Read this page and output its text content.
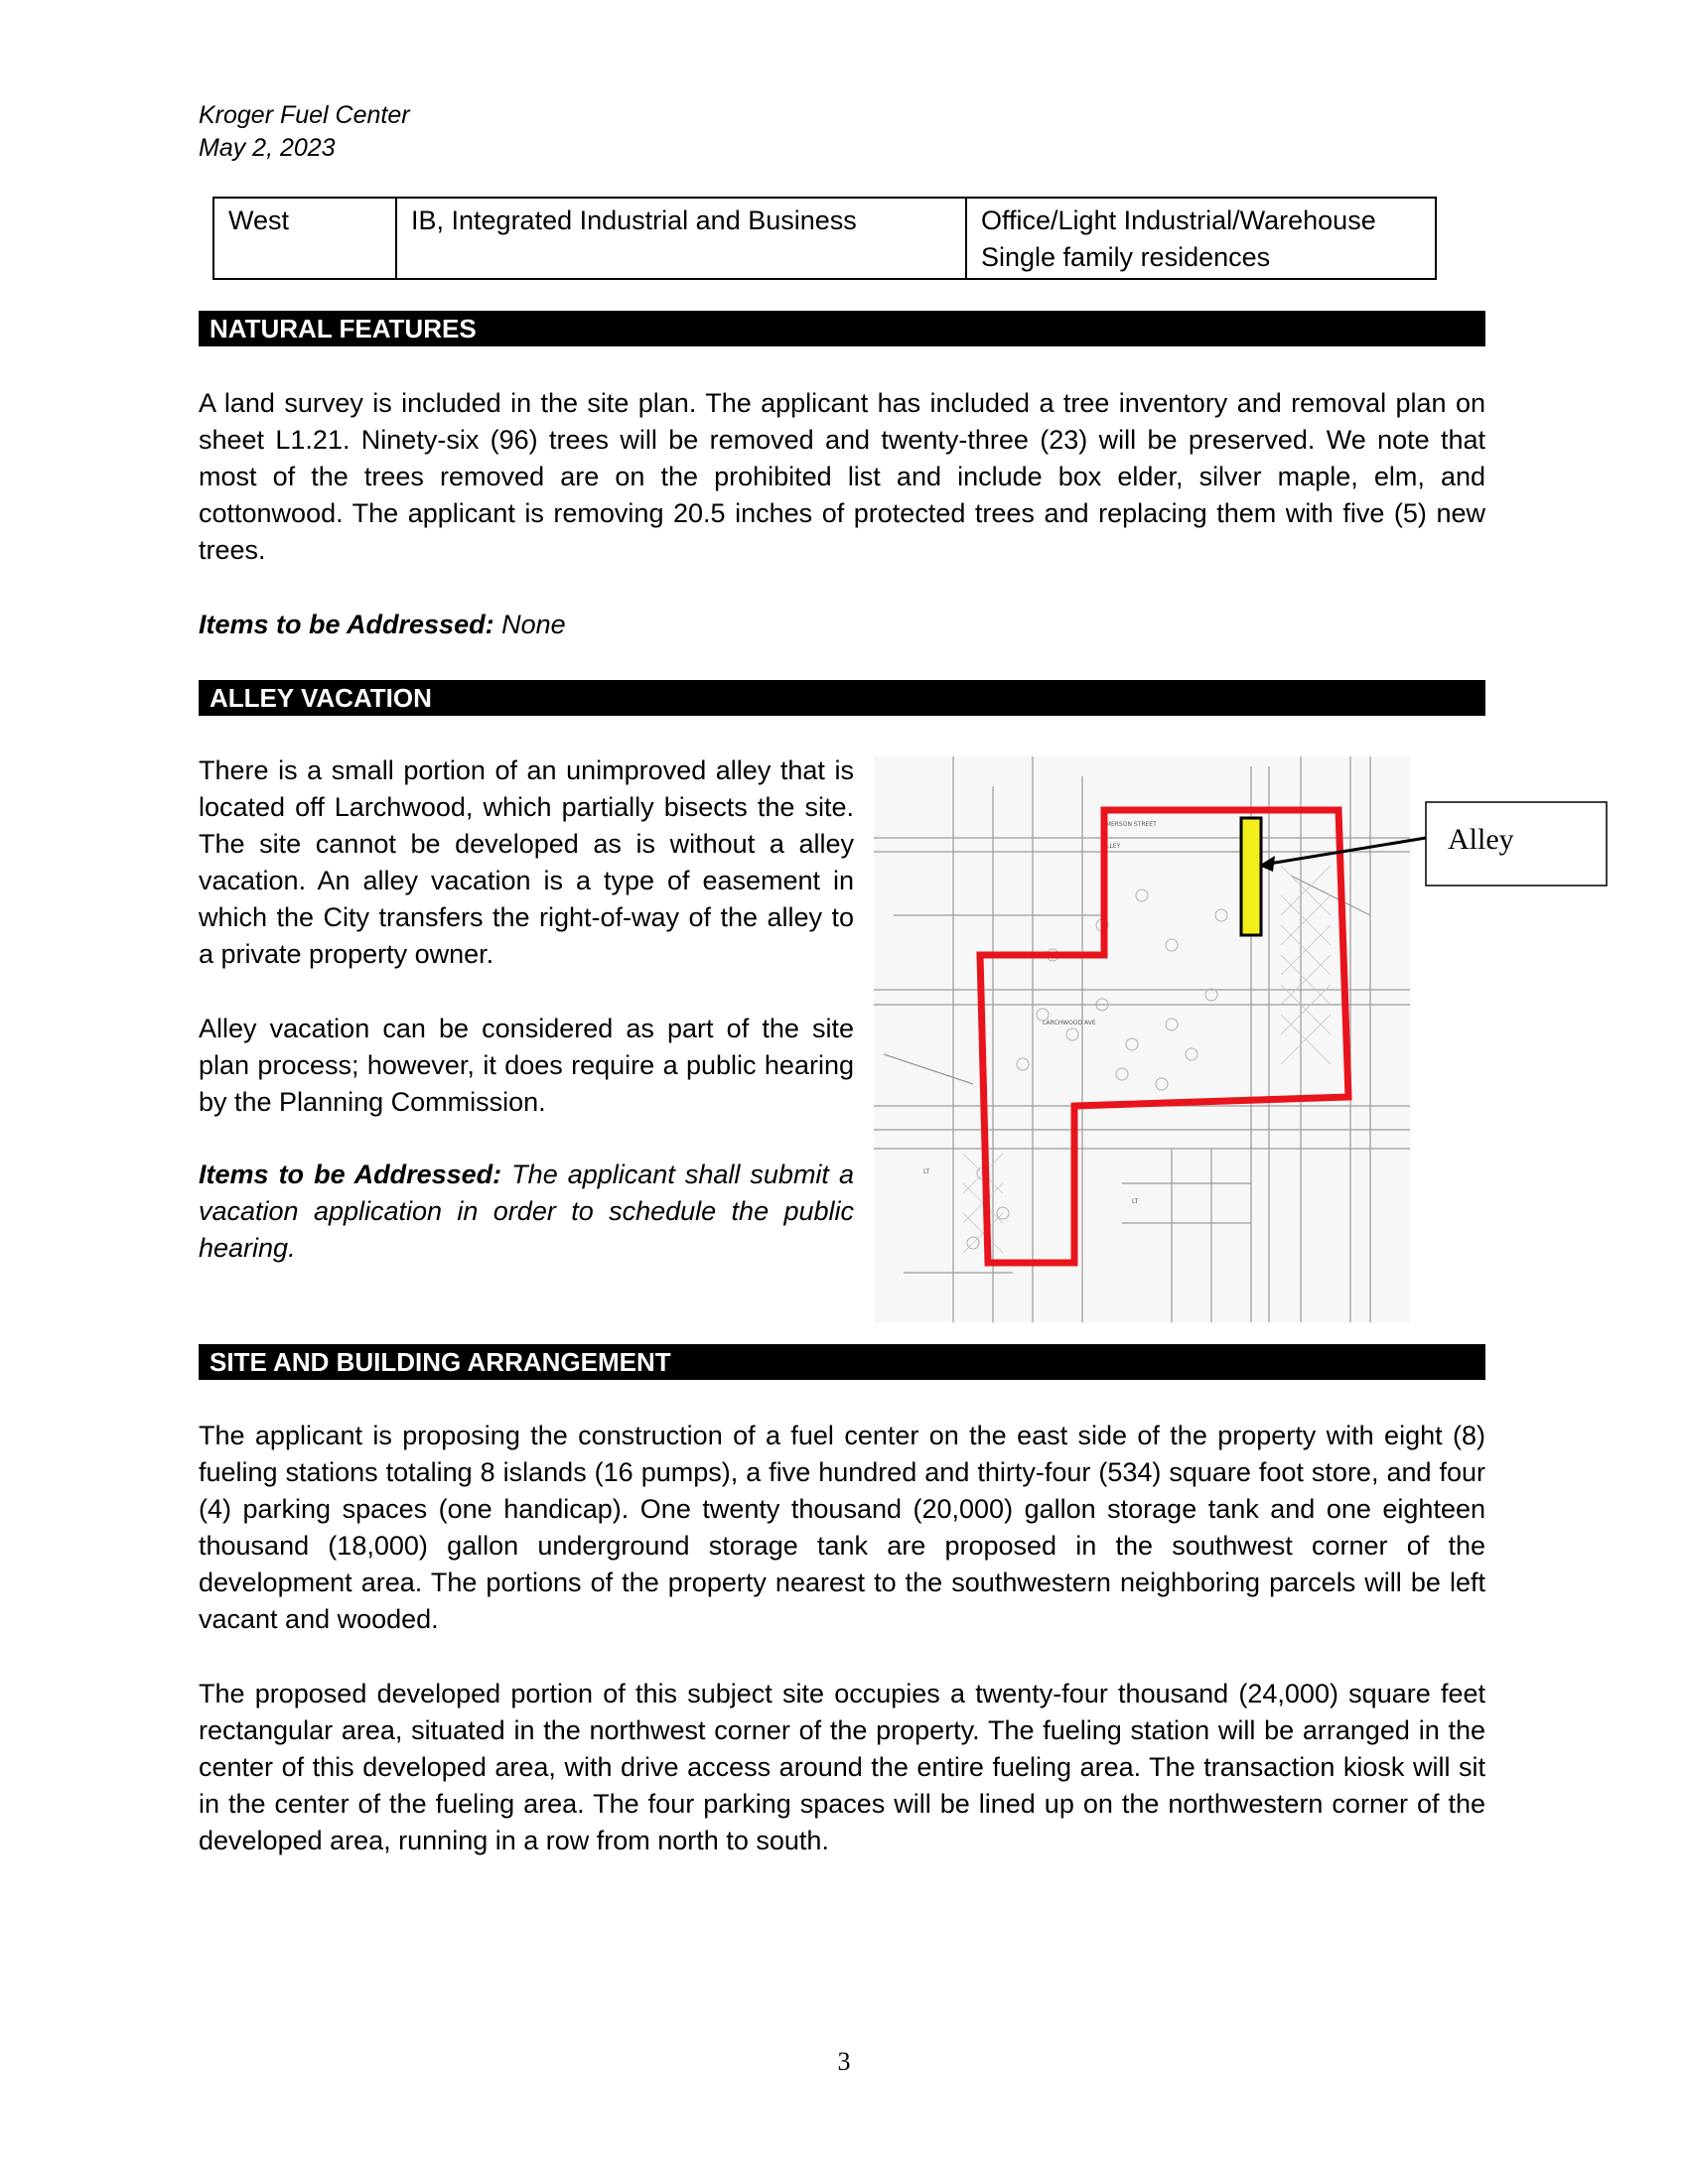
Kroger Fuel Center
May 2, 2023
West	IB, Integrated Industrial and Business	Office/Light Industrial/Warehouse
Single family residences
NATURAL FEATURES
A land survey is included in the site plan. The applicant has included a tree inventory and removal plan on sheet L1.21. Ninety-six (96) trees will be removed and twenty-three (23) will be preserved. We note that most of the trees removed are on the prohibited list and include box elder, silver maple, elm, and cottonwood. The applicant is removing 20.5 inches of protected trees and replacing them with five (5) new trees.
Items to be Addressed: None
ALLEY VACATION
There is a small portion of an unimproved alley that is located off Larchwood, which partially bisects the site. The site cannot be developed as is without a alley vacation. An alley vacation is a type of easement in which the City transfers the right-of-way of the alley to a private property owner.
Alley vacation can be considered as part of the site plan process; however, it does require a public hearing by the Planning Commission.
Items to be Addressed: The applicant shall submit a vacation application in order to schedule the public hearing.
EMERSON STREET
ALLEY
LARCHWOOD AVE
LT
LT
Alley
SITE AND BUILDING ARRANGEMENT
The applicant is proposing the construction of a fuel center on the east side of the property with eight (8) fueling stations totaling 8 islands (16 pumps), a five hundred and thirty-four (534) square foot store, and four (4) parking spaces (one handicap). One twenty thousand (20,000) gallon storage tank and one eighteen thousand (18,000) gallon underground storage tank are proposed in the southwest corner of the development area. The portions of the property nearest to the southwestern neighboring parcels will be left vacant and wooded.
The proposed developed portion of this subject site occupies a twenty-four thousand (24,000) square feet rectangular area, situated in the northwest corner of the property. The fueling station will be arranged in the center of this developed area, with drive access around the entire fueling area. The transaction kiosk will sit in the center of the fueling area. The four parking spaces will be lined up on the northwestern corner of the developed area, running in a row from north to south.
3
